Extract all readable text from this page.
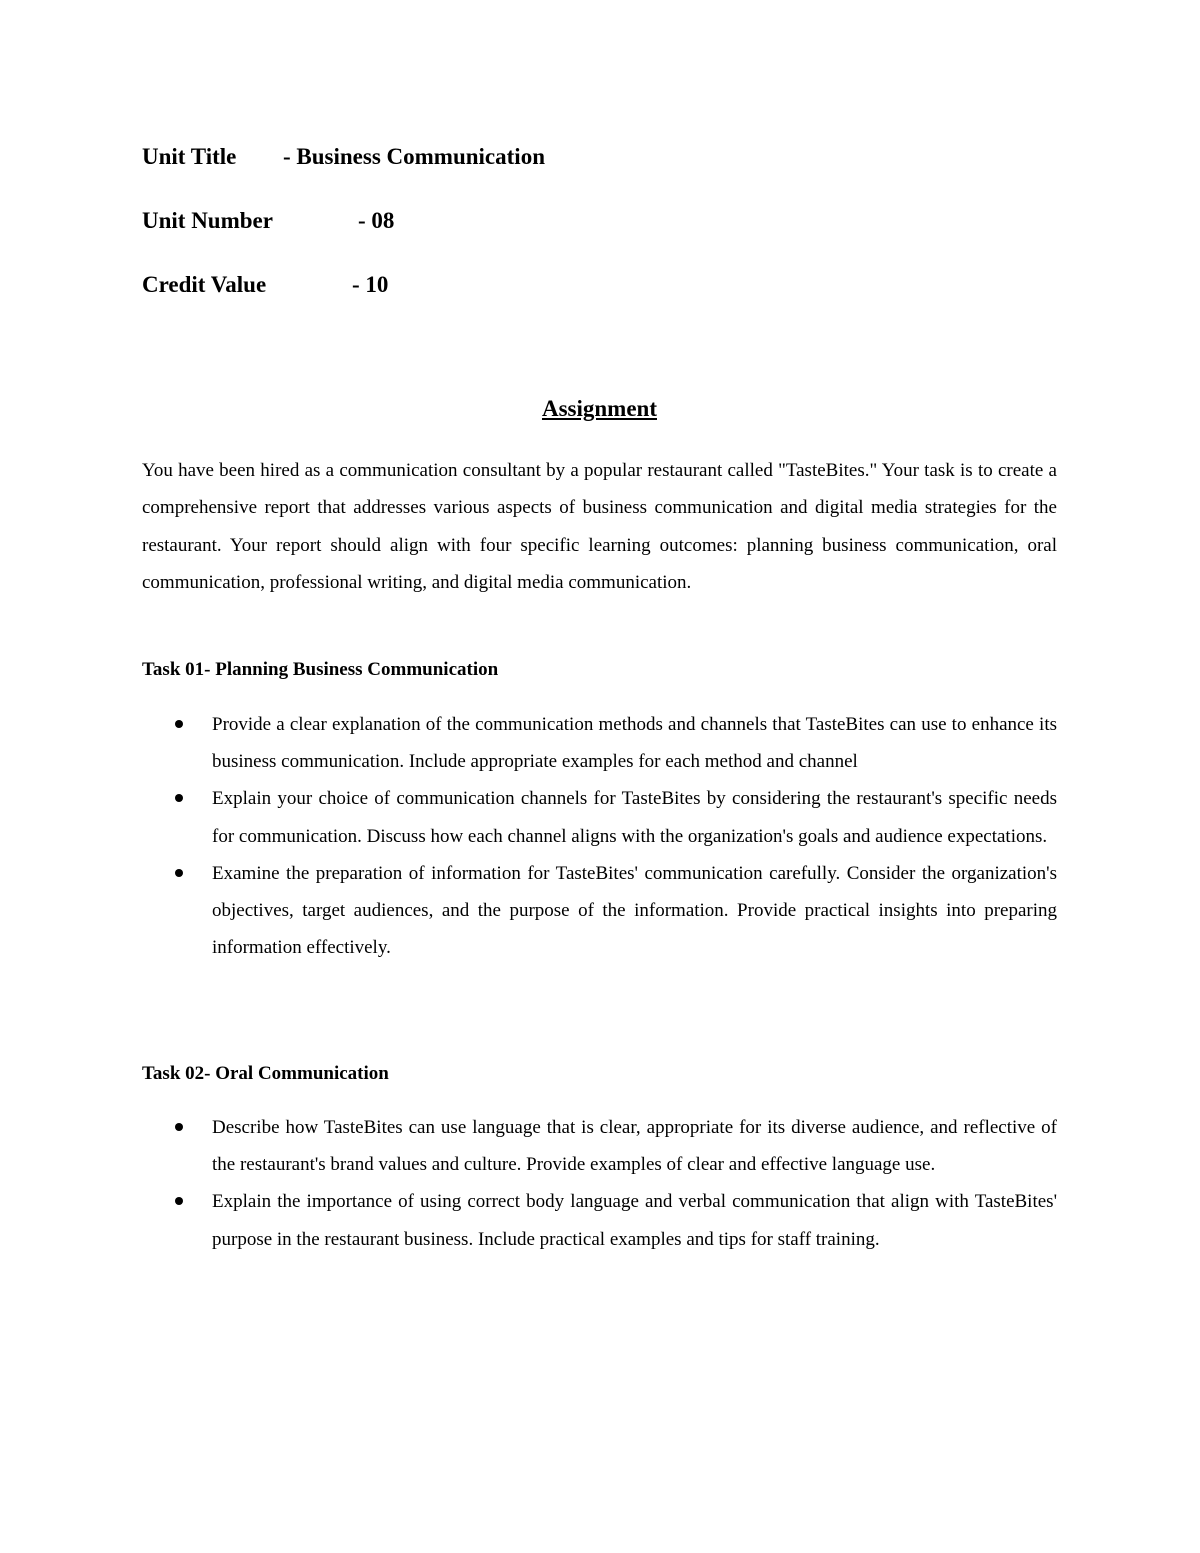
Unit Title - Business Communication
Unit Number	- 08
Credit Value	- 10
Assignment

You have been hired as a communication consultant by a popular restaurant called "TasteBites." Your task is to create a comprehensive report that addresses various aspects of business communication and digital media strategies for the restaurant. Your report should align with four specific learning outcomes: planning business communication, oral communication, professional writing, and digital media communication.

Task 01- Planning Business Communication
Provide a clear explanation of the communication methods and channels that TasteBites can use to enhance its business communication. Include appropriate examples for each method and channel
Explain your choice of communication channels for TasteBites by considering the restaurant's specific needs for communication. Discuss how each channel aligns with the organization's goals and audience expectations.
Examine the preparation of information for TasteBites' communication carefully. Consider the organization's objectives, target audiences, and the purpose of the information. Provide practical insights into preparing information effectively.
Task 02- Oral Communication
Describe how TasteBites can use language that is clear, appropriate for its diverse audience, and reflective of the restaurant's brand values and culture. Provide examples of clear and effective language use.
Explain the importance of using correct body language and verbal communication that align with TasteBites' purpose in the restaurant business. Include practical examples and tips for staff training.
